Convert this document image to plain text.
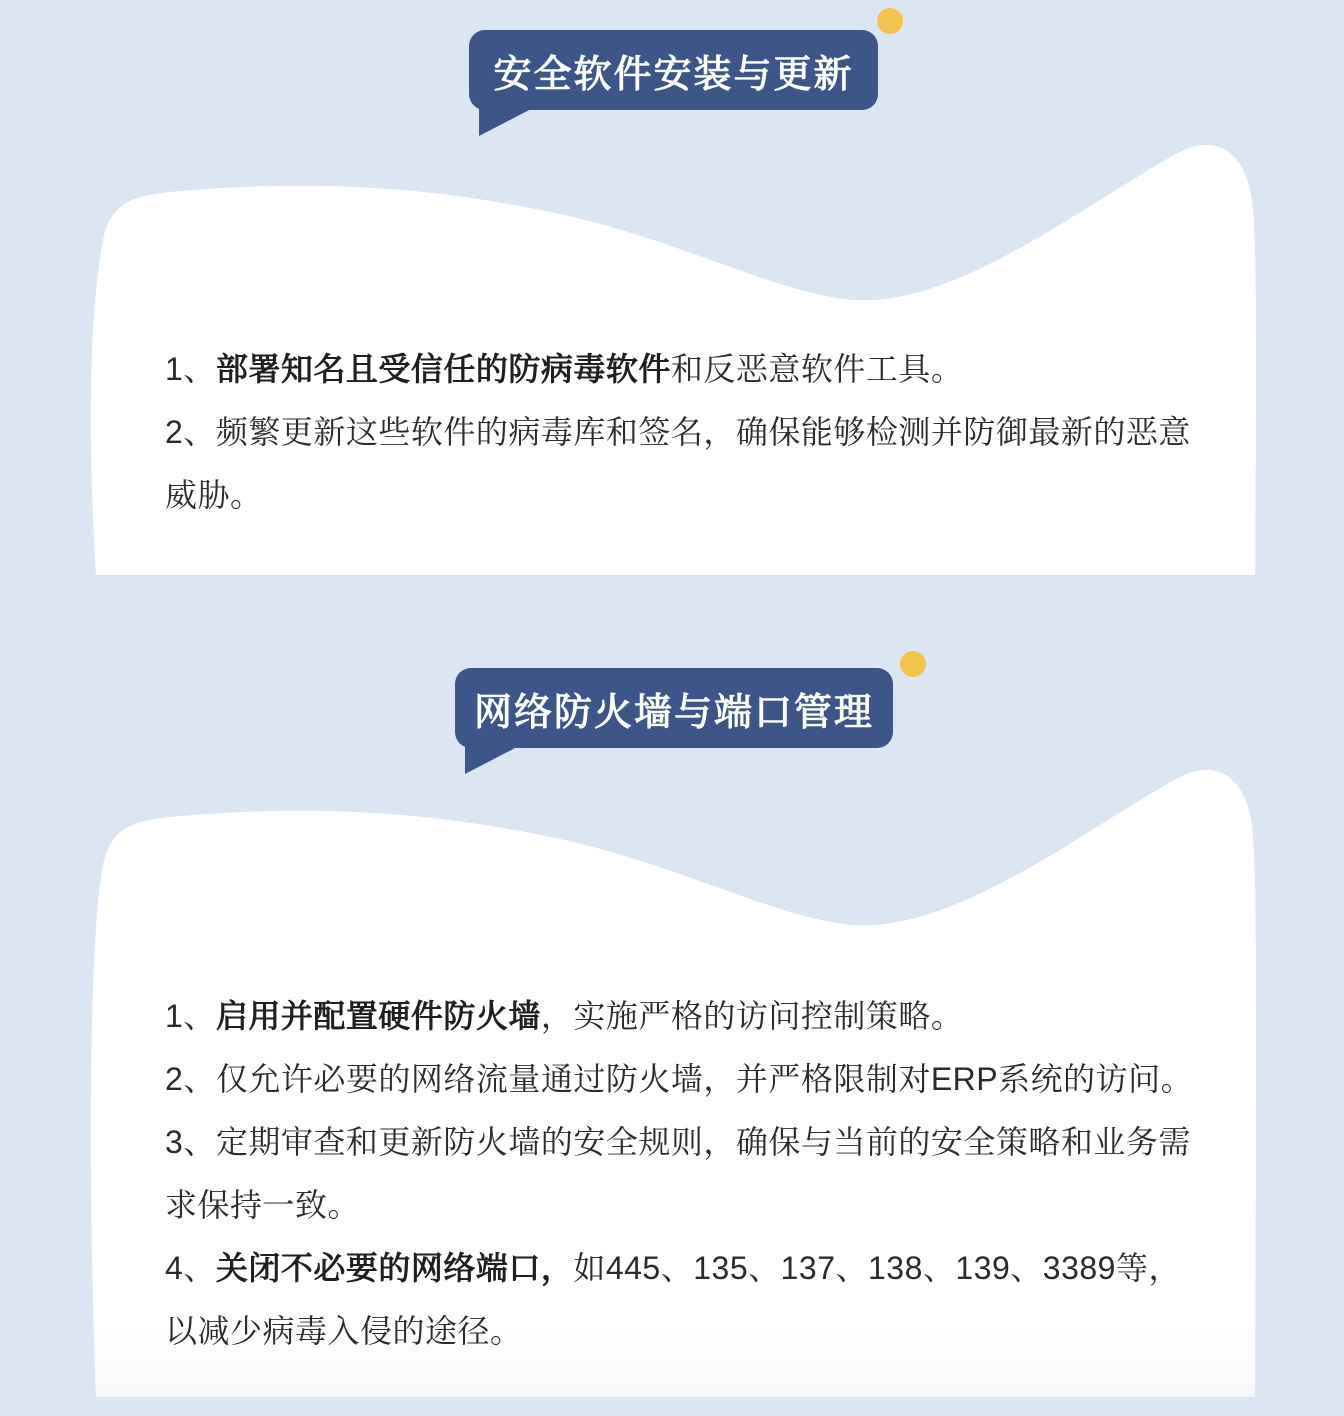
安全软件安装与更新

1、部署知名且受信任的防病毒软件和反恶意软件工具。

2、频繁更新这些软件的病毒库和签名，确保能够检测并防御最新的恶意威胁。

网络防火墙与端口管理

1、启用并配置硬件防火墙，实施严格的访问控制策略。

2、仅允许必要的网络流量通过防火墙，并严格限制对ERP系统的访问。

3、定期审查和更新防火墙的安全规则，确保与当前的安全策略和业务需求保持一致。

4、关闭不必要的网络端口，如445、135、137、138、139、3389等，以减少病毒入侵的途径。
